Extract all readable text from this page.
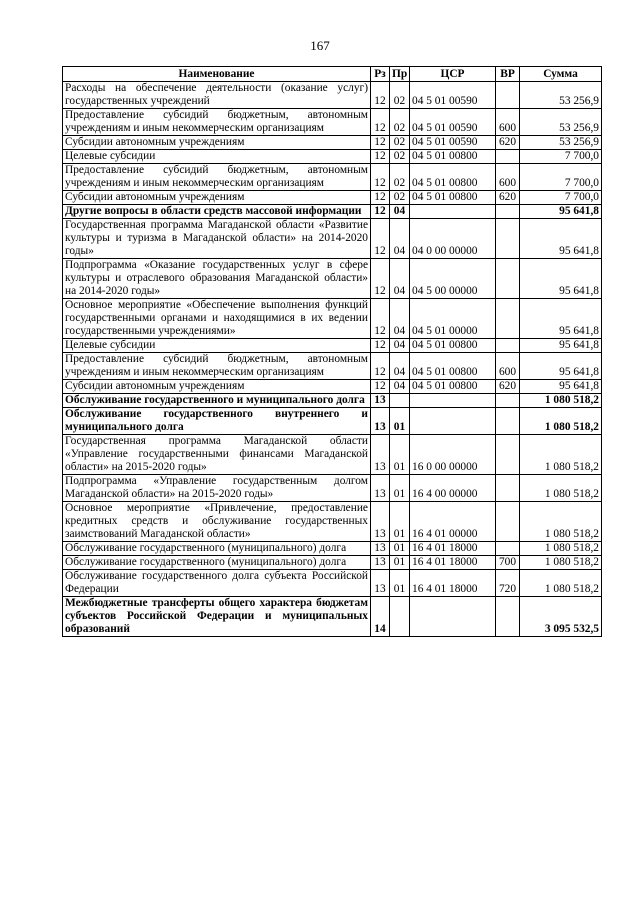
167
Наименование	Рз	Пр	ЦСР	ВР	Сумма
Расходы на обеспечение деятельности (оказание услуг) государственных учреждений	12	02	04 5 01 00590		53 256,9
Предоставление субсидий бюджетным, автономным учреждениям и иным некоммерческим организациям	12	02	04 5 01 00590	600	53 256,9
Субсидии автономным учреждениям	12	02	04 5 01 00590	620	53 256,9
Целевые субсидии	12	02	04 5 01 00800		7 700,0
Предоставление субсидий бюджетным, автономным учреждениям и иным некоммерческим организациям	12	02	04 5 01 00800	600	7 700,0
Субсидии автономным учреждениям	12	02	04 5 01 00800	620	7 700,0
Другие вопросы в области средств массовой информации	12	04			95 641,8
Государственная программа Магаданской области «Развитие культуры и туризма в Магаданской области» на 2014-2020 годы»	12	04	04 0 00 00000		95 641,8
Подпрограмма «Оказание государственных услуг в сфере культуры и отраслевого образования Магаданской области» на 2014-2020 годы»	12	04	04 5 00 00000		95 641,8
Основное мероприятие «Обеспечение выполнения функций государственными органами и находящимися в их ведении государственными учреждениями»	12	04	04 5 01 00000		95 641,8
Целевые субсидии	12	04	04 5 01 00800		95 641,8
Предоставление субсидий бюджетным, автономным учреждениям и иным некоммерческим организациям	12	04	04 5 01 00800	600	95 641,8
Субсидии автономным учреждениям	12	04	04 5 01 00800	620	95 641,8
Обслуживание государственного и муниципального долга	13				1 080 518,2
Обслуживание государственного внутреннего и муниципального долга	13	01			1 080 518,2
Государственная программа Магаданской области «Управление государственными финансами Магаданской области» на 2015-2020 годы»	13	01	16 0 00 00000		1 080 518,2
Подпрограмма «Управление государственным долгом Магаданской области» на 2015-2020 годы»	13	01	16 4 00 00000		1 080 518,2
Основное мероприятие «Привлечение, предоставление кредитных средств и обслуживание государственных заимствований Магаданской области»	13	01	16 4 01 00000		1 080 518,2
Обслуживание государственного (муниципального) долга	13	01	16 4 01 18000		1 080 518,2
Обслуживание государственного (муниципального) долга	13	01	16 4 01 18000	700	1 080 518,2
Обслуживание государственного долга субъекта Российской Федерации	13	01	16 4 01 18000	720	1 080 518,2
Межбюджетные трансферты общего характера бюджетам субъектов Российской Федерации и муниципальных образований	14				3 095 532,5
